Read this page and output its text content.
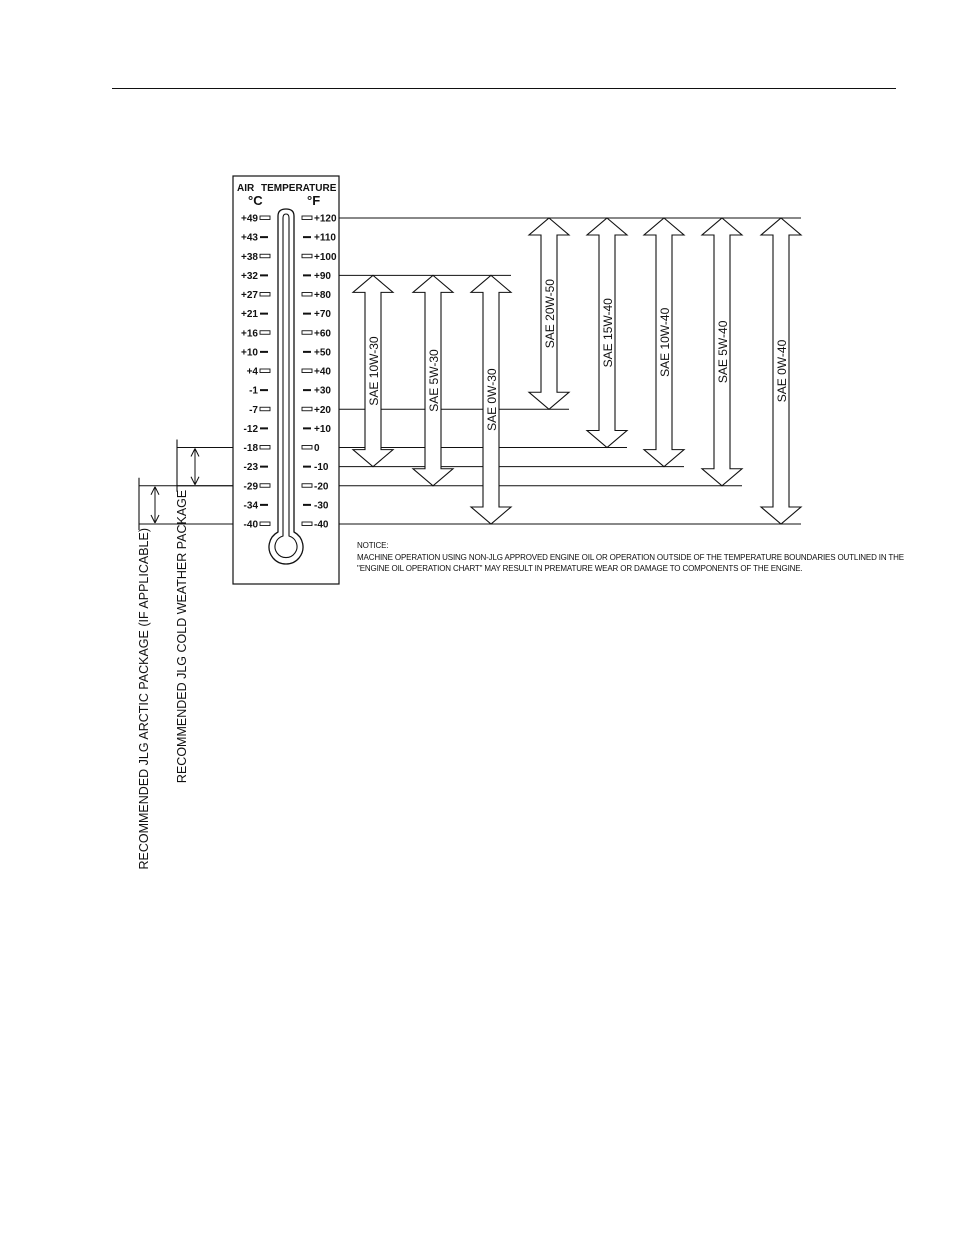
AIR TEMPERATURE
°C	°F
+49
+43
+38
+32
+27
+21
+16
+10
+4
-1
-7
-12
-18
-23
-29
-34
-40
+120
+110
+100
+90
+80
+70
+60
+50
+40
+30
+20
+10
0
-10
-20
-30
-40
RECOMMENDED JLG ARCTIC PACKAGE (IF APPLICABLE) RECOMMENDED JLG COLD WEATHER PACKAGE
SAE 10W-30	SAE 5W-30	SAE 0W-30
SAE 20W-50	SAE 15W-40	SAE 10W-40	SAE 5W-40	SAE 0W-40
NOTICE:
MACHINE OPERATION USING NON-JLG APPROVED ENGINE OIL OR OPERATION OUTSIDE OF THE TEMPERATURE BOUNDARIES OUTLINED IN THE
"ENGINE OIL OPERATION CHART" MAY RESULT IN PREMATURE WEAR OR DAMAGE TO COMPONENTS OF THE ENGINE.
